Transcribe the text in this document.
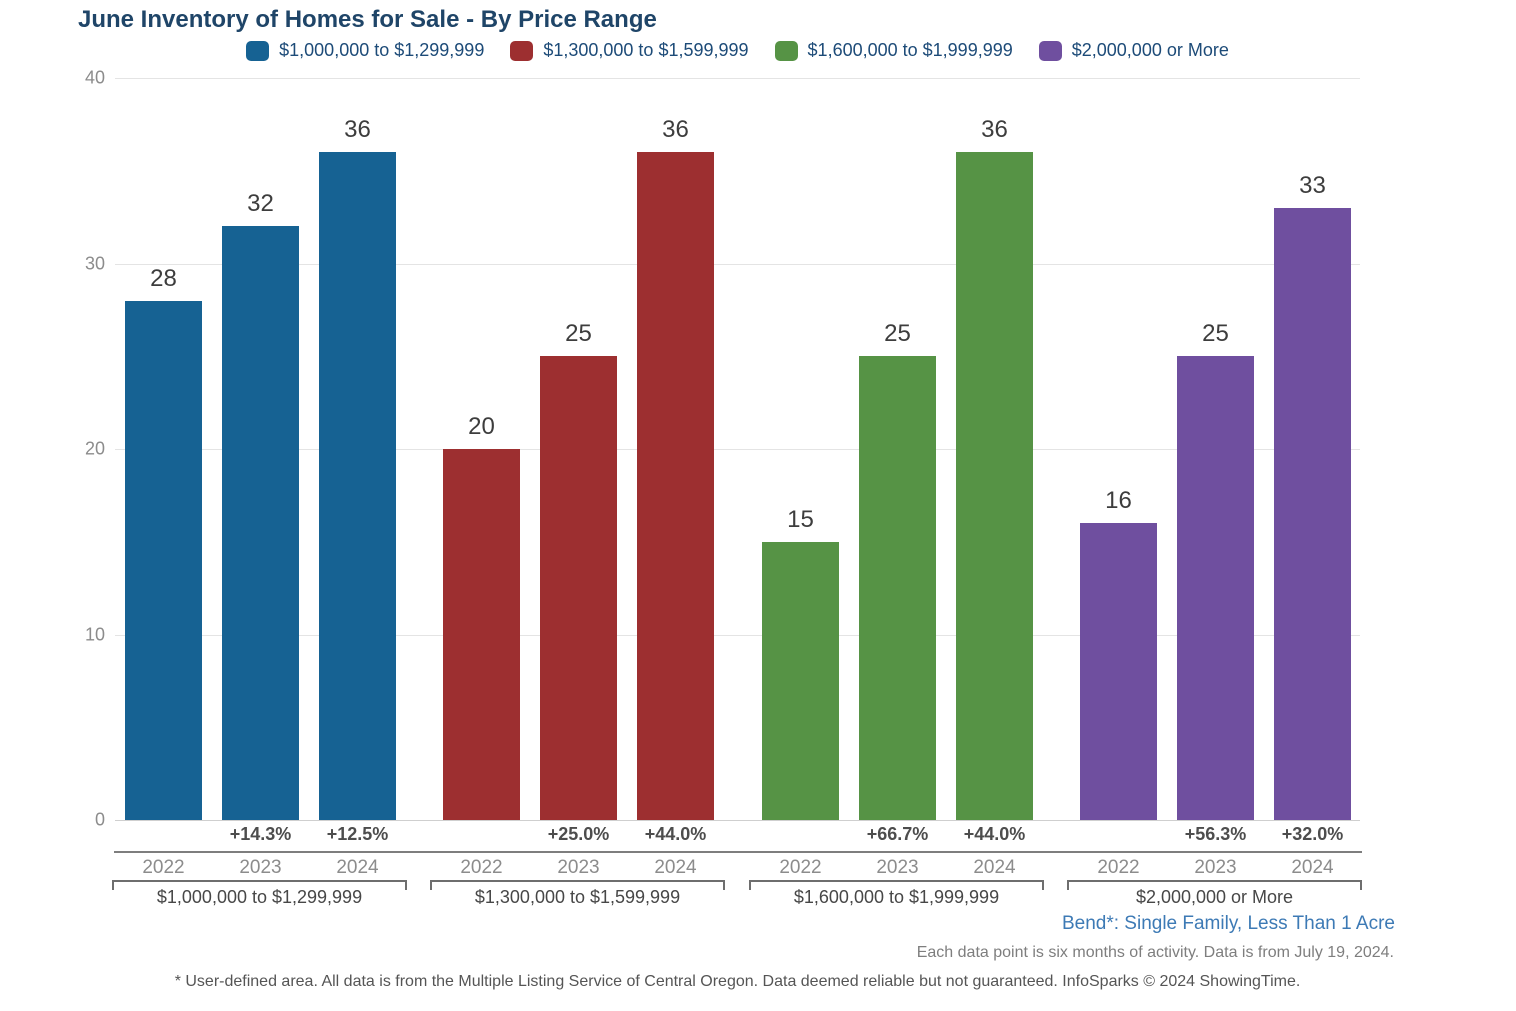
June Inventory of Homes for Sale - By Price Range
$1,000,000 to $1,299,999	$1,300,000 to $1,599,999	$1,600,000 to $1,999,999	$2,000,000 or More
0
10
20
30
40
28
32
36
20
25
36
15
25
36
16
25
33
Bend*: Single Family, Less Than 1 Acre
Each data point is six months of activity. Data is from July 19, 2024.
* User-defined area. All data is from the Multiple Listing Service of Central Oregon. Data deemed reliable but not guaranteed. InfoSparks © 2024 ShowingTime.
2022
+14.3%
2023
+12.5%
2024
$1,000,000 to $1,299,999
2022
+25.0%
2023
+44.0%
2024
$1,300,000 to $1,599,999
2022
+66.7%
2023
+44.0%
2024
$1,600,000 to $1,999,999
2022
+56.3%
2023
+32.0%
2024
$2,000,000 or More
